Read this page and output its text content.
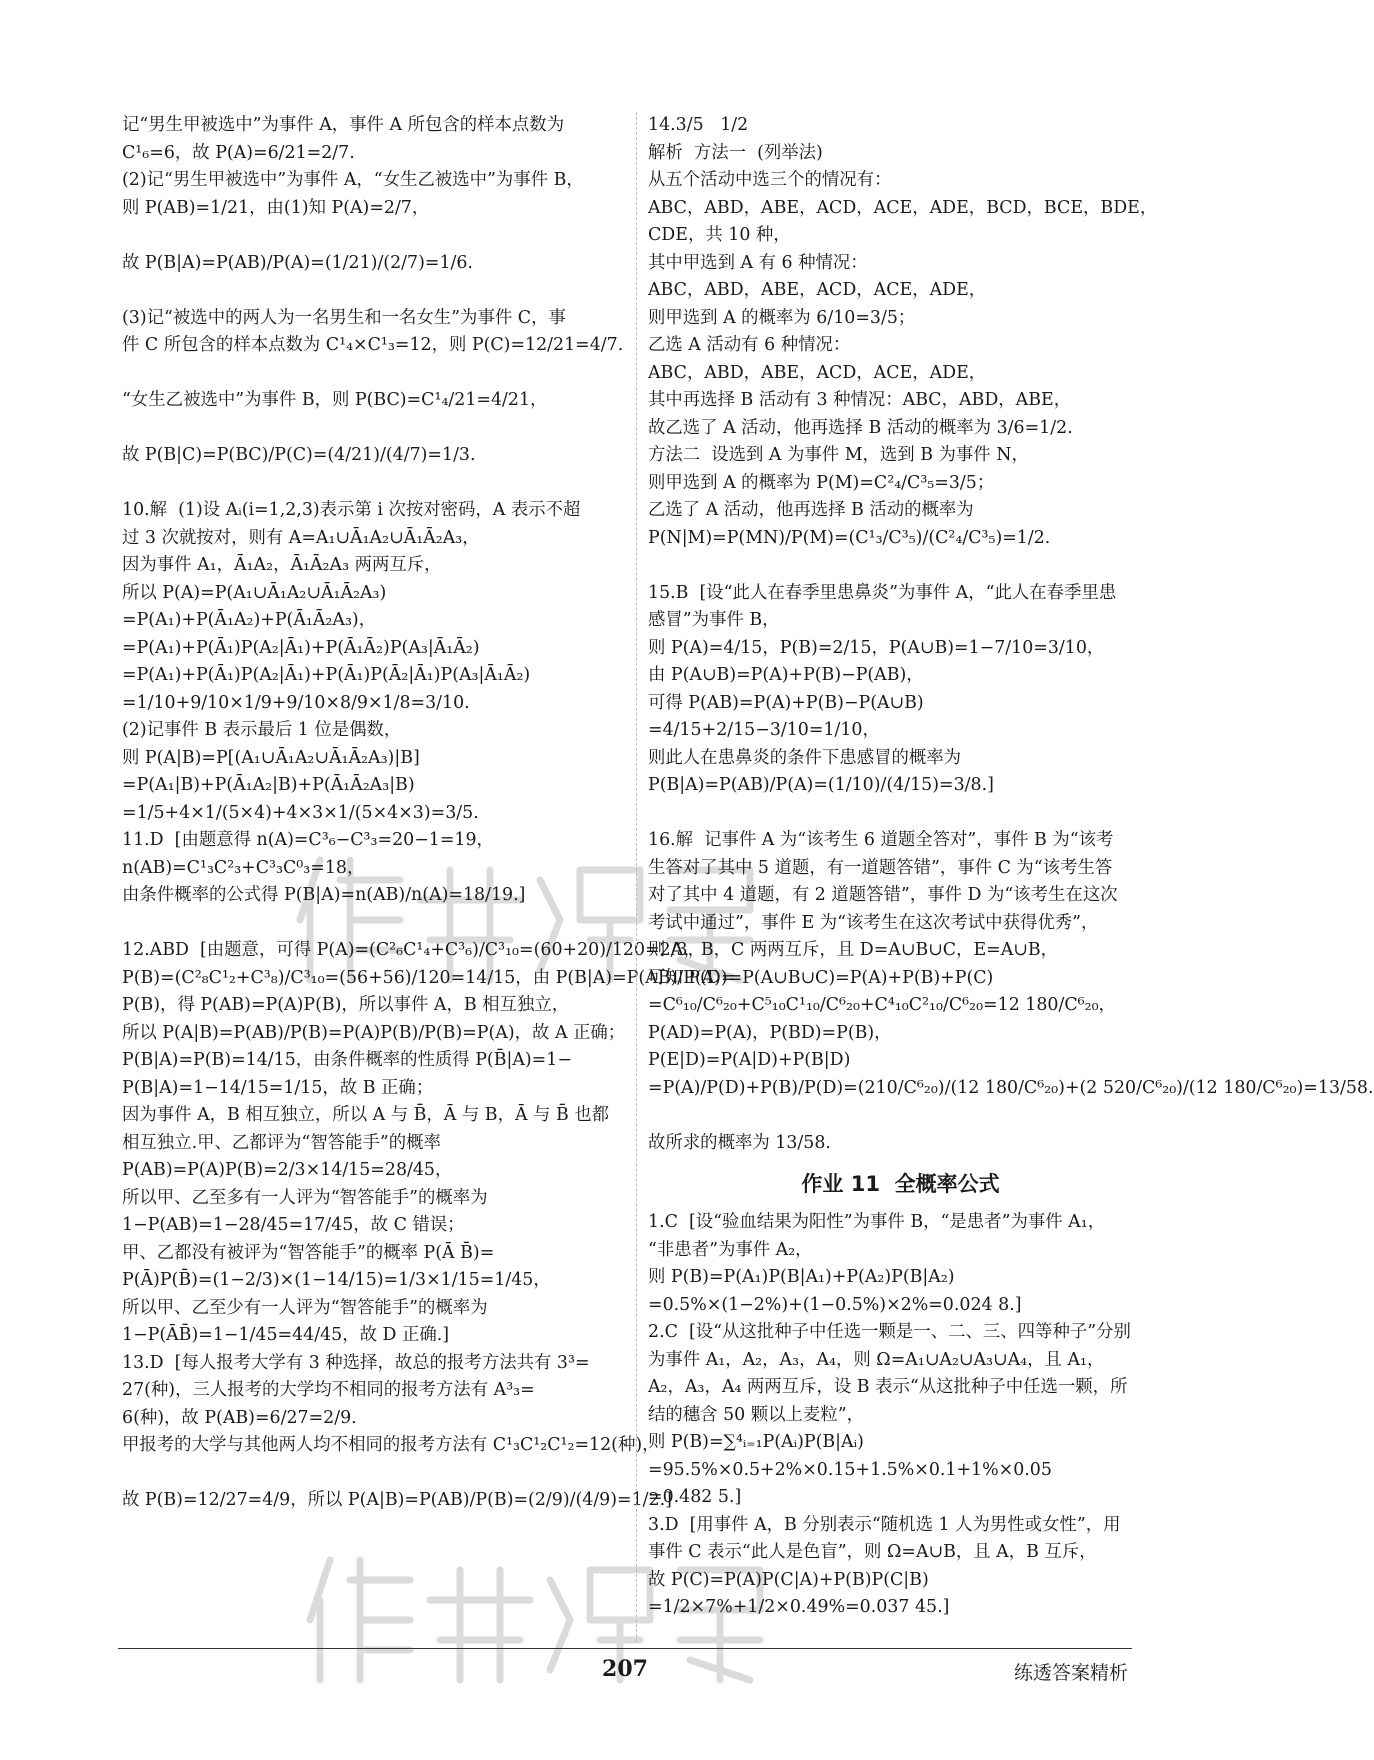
记“男生甲被选中”为事件 A，事件 A 所包含的样本点数为
C¹₆=6，故 P(A)=6/21=2/7.
(2)记“男生甲被选中”为事件 A，“女生乙被选中”为事件 B，
则 P(AB)=1/21，由(1)知 P(A)=2/7，

故 P(B|A)=P(AB)/P(A)=(1/21)/(2/7)=1/6.

(3)记“被选中的两人为一名男生和一名女生”为事件 C，事
件 C 所包含的样本点数为 C¹₄×C¹₃=12，则 P(C)=12/21=4/7.

“女生乙被选中”为事件 B，则 P(BC)=C¹₄/21=4/21，

故 P(B|C)=P(BC)/P(C)=(4/21)/(4/7)=1/3.

10.解  (1)设 Aᵢ(i=1,2,3)表示第 i 次按对密码，A 表示不超
过 3 次就按对，则有 A=A₁∪Ā₁A₂∪Ā₁Ā₂A₃，
因为事件 A₁，Ā₁A₂，Ā₁Ā₂A₃ 两两互斥，
所以 P(A)=P(A₁∪Ā₁A₂∪Ā₁Ā₂A₃)
=P(A₁)+P(Ā₁A₂)+P(Ā₁Ā₂A₃)，
=P(A₁)+P(Ā₁)P(A₂|Ā₁)+P(Ā₁Ā₂)P(A₃|Ā₁Ā₂)
=P(A₁)+P(Ā₁)P(A₂|Ā₁)+P(Ā₁)P(Ā₂|Ā₁)P(A₃|Ā₁Ā₂)
=1/10+9/10×1/9+9/10×8/9×1/8=3/10.
(2)记事件 B 表示最后 1 位是偶数，
则 P(A|B)=P[(A₁∪Ā₁A₂∪Ā₁Ā₂A₃)|B]
=P(A₁|B)+P(Ā₁A₂|B)+P(Ā₁Ā₂A₃|B)
=1/5+4×1/(5×4)+4×3×1/(5×4×3)=3/5.
11.D  [由题意得 n(A)=C³₆−C³₃=20−1=19，
n(AB)=C¹₃C²₃+C³₃C⁰₃=18，
由条件概率的公式得 P(B|A)=n(AB)/n(A)=18/19.]

12.ABD  [由题意，可得 P(A)=(C²₆C¹₄+C³₆)/C³₁₀=(60+20)/120=2/3，
P(B)=(C²₈C¹₂+C³₈)/C³₁₀=(56+56)/120=14/15，由 P(B|A)=P(AB)/P(A)=
P(B)，得 P(AB)=P(A)P(B)，所以事件 A，B 相互独立，
所以 P(A|B)=P(AB)/P(B)=P(A)P(B)/P(B)=P(A)，故 A 正确；
P(B|A)=P(B)=14/15，由条件概率的性质得 P(B̄|A)=1−
P(B|A)=1−14/15=1/15，故 B 正确；
因为事件 A，B 相互独立，所以 A 与 B̄，Ā 与 B，Ā 与 B̄ 也都
相互独立.甲、乙都评为“智答能手”的概率
P(AB)=P(A)P(B)=2/3×14/15=28/45，
所以甲、乙至多有一人评为“智答能手”的概率为
1−P(AB)=1−28/45=17/45，故 C 错误；
甲、乙都没有被评为“智答能手”的概率 P(Ā B̄)=
P(Ā)P(B̄)=(1−2/3)×(1−14/15)=1/3×1/15=1/45，
所以甲、乙至少有一人评为“智答能手”的概率为
1−P(ĀB̄)=1−1/45=44/45，故 D 正确.]
13.D  [每人报考大学有 3 种选择，故总的报考方法共有 3³=
27(种)，三人报考的大学均不相同的报考方法有 A³₃=
6(种)，故 P(AB)=6/27=2/9.
甲报考的大学与其他两人均不相同的报考方法有 C¹₃C¹₂C¹₂=12(种)，

故 P(B)=12/27=4/9，所以 P(A|B)=P(AB)/P(B)=(2/9)/(4/9)=1/2.]
14.3/5   1/2
解析  方法一  (列举法)
从五个活动中选三个的情况有：
ABC，ABD，ABE，ACD，ACE，ADE，BCD，BCE，BDE，
CDE，共 10 种，
其中甲选到 A 有 6 种情况：
ABC，ABD，ABE，ACD，ACE，ADE，
则甲选到 A 的概率为 6/10=3/5；
乙选 A 活动有 6 种情况：
ABC，ABD，ABE，ACD，ACE，ADE，
其中再选择 B 活动有 3 种情况：ABC，ABD，ABE，
故乙选了 A 活动，他再选择 B 活动的概率为 3/6=1/2.
方法二  设选到 A 为事件 M，选到 B 为事件 N，
则甲选到 A 的概率为 P(M)=C²₄/C³₅=3/5；
乙选了 A 活动，他再选择 B 活动的概率为
P(N|M)=P(MN)/P(M)=(C¹₃/C³₅)/(C²₄/C³₅)=1/2.

15.B  [设“此人在春季里患鼻炎”为事件 A，“此人在春季里患
感冒”为事件 B，
则 P(A)=4/15，P(B)=2/15，P(A∪B)=1−7/10=3/10，
由 P(A∪B)=P(A)+P(B)−P(AB)，
可得 P(AB)=P(A)+P(B)−P(A∪B)
=4/15+2/15−3/10=1/10，
则此人在患鼻炎的条件下患感冒的概率为
P(B|A)=P(AB)/P(A)=(1/10)/(4/15)=3/8.]

16.解  记事件 A 为“该考生 6 道题全答对”，事件 B 为“该考
生答对了其中 5 道题，有一道题答错”，事件 C 为“该考生答
对了其中 4 道题，有 2 道题答错”，事件 D 为“该考生在这次
考试中通过”，事件 E 为“该考生在这次考试中获得优秀”，
则 A，B，C 两两互斥，且 D=A∪B∪C，E=A∪B，
可知 P(D)=P(A∪B∪C)=P(A)+P(B)+P(C)
=C⁶₁₀/C⁶₂₀+C⁵₁₀C¹₁₀/C⁶₂₀+C⁴₁₀C²₁₀/C⁶₂₀=12 180/C⁶₂₀，
P(AD)=P(A)，P(BD)=P(B)，
P(E|D)=P(A|D)+P(B|D)
=P(A)/P(D)+P(B)/P(D)=(210/C⁶₂₀)/(12 180/C⁶₂₀)+(2 520/C⁶₂₀)/(12 180/C⁶₂₀)=13/58.

故所求的概率为 13/58.
作业 11  全概率公式
1.C  [设“验血结果为阳性”为事件 B，“是患者”为事件 A₁，
“非患者”为事件 A₂，
则 P(B)=P(A₁)P(B|A₁)+P(A₂)P(B|A₂)
=0.5%×(1−2%)+(1−0.5%)×2%=0.024 8.]
2.C  [设“从这批种子中任选一颗是一、二、三、四等种子”分别
为事件 A₁，A₂，A₃，A₄，则 Ω=A₁∪A₂∪A₃∪A₄，且 A₁，
A₂，A₃，A₄ 两两互斥，设 B 表示“从这批种子中任选一颗，所
结的穗含 50 颗以上麦粒”，
则 P(B)=∑⁴ᵢ₌₁P(Aᵢ)P(B|Aᵢ)
=95.5%×0.5+2%×0.15+1.5%×0.1+1%×0.05
=0.482 5.]
3.D  [用事件 A，B 分别表示“随机选 1 人为男性或女性”，用
事件 C 表示“此人是色盲”，则 Ω=A∪B，且 A，B 互斥，
故 P(C)=P(A)P(C|A)+P(B)P(C|B)
=1/2×7%+1/2×0.49%=0.037 45.]
207	练透答案精析
